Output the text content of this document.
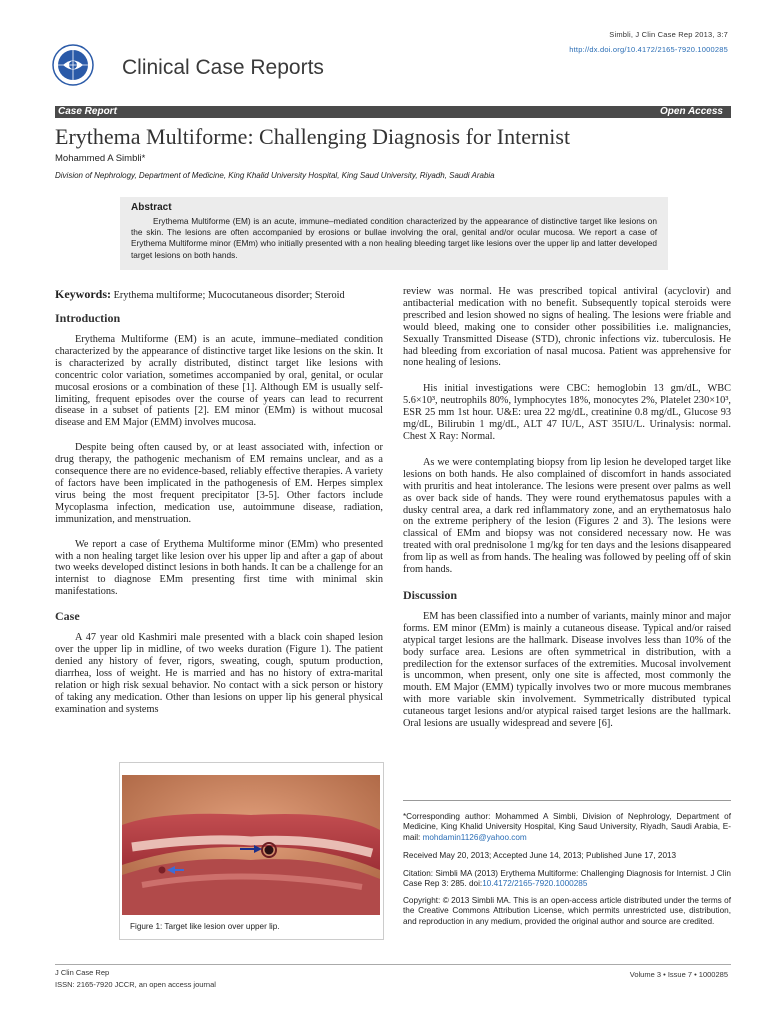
Clinical Case Reports
Simbli, J Clin Case Rep 2013, 3:7
http://dx.doi.org/10.4172/2165-7920.1000285
Case Report	Open Access
Erythema Multiforme: Challenging Diagnosis for Internist
Mohammed A Simbli*
Division of Nephrology, Department of Medicine, King Khalid University Hospital, King Saud University, Riyadh, Saudi Arabia
Abstract

Erythema Multiforme (EM) is an acute, immune–mediated condition characterized by the appearance of distinctive target like lesions on the skin. The lesions are often accompanied by erosions or bullae involving the oral, genital and/or ocular mucosa. We report a case of Erythema Multiforme minor (EMm) who initially presented with a non healing bleeding target like lesions over the upper lip and latter developed target lesions on both hands.

Keywords: Erythema multiforme; Mucocutaneous disorder; Steroid
Introduction

Erythema Multiforme (EM) is an acute, immune–mediated condition characterized by the appearance of distinctive target like lesions on the skin. It is characterized by acrally distributed, distinct target like lesions with concentric color variation, sometimes accompanied by oral, genital, or ocular mucosal erosions or a combination of these [1]. Although EM is usually self-limiting, frequent episodes over the course of years can lead to recurrent disease in a subset of patients [2]. EM minor (EMm) is without mucosal disease and EM Major (EMM) involves mucosa.

Despite being often caused by, or at least associated with, infection or drug therapy, the pathogenic mechanism of EM remains unclear, and as a consequence there are no evidence-based, reliably effective therapies. A variety of factors have been implicated in the pathogenesis of EM. Herpes simplex virus being the most frequent precipitator [3-5]. Other factors include Mycoplasma infection, medication use, autoimmune disease, radiation, immunization, and menstruation.

We report a case of Erythema Multiforme minor (EMm) who presented with a non healing target like lesion over his upper lip and after a gap of about two weeks developed distinct lesions in both hands. It can be a challenge for an internist to diagnose EMm presenting first time with minimal skin manifestations.

Case

A 47 year old Kashmiri male presented with a black coin shaped lesion over the upper lip in midline, of two weeks duration (Figure 1). The patient denied any history of fever, rigors, sweating, cough, sputum production, diarrhea, loss of weight. He is married and has no history of extra-marital relation or high risk sexual behavior. No contact with a sick person or history of taking any medication. Other than lesions on upper lip his general physical examination and systems

Figure 1: Target like lesion over upper lip.

review was normal. He was prescribed topical antiviral (acyclovir) and antibacterial medication with no benefit. Subsequently topical steroids were prescribed and lesion showed no signs of healing. The lesions were friable and would bleed, making one to consider other possibilities i.e. malignancies, Sexually Transmitted Disease (STD), chronic infections viz. tuberculosis. He had bleeding from excoriation of nasal mucosa. Patient was apprehensive for none healing of lesions.

His initial investigations were CBC: hemoglobin 13 gm/dL, WBC 5.6×10³, neutrophils 80%, lymphocytes 18%, monocytes 2%, Platelet 230×10³, ESR 25 mm 1st hour. U&E: urea 22 mg/dL, creatinine 0.8 mg/dL, Glucose 93 mg/dL, Bilirubin 1 mg/dL, ALT 47 IU/L, AST 35IU/L. Urinalysis: normal. Chest X Ray: Normal.

As we were contemplating biopsy from lip lesion he developed target like lesions on both hands. He also complained of discomfort in hands associated with pruritis and heat intolerance. The lesions were present over palms as well as over back side of hands. They were round erythematosus papules with a dusky central area, a dark red inflammatory zone, and an erythematosus halo on the extreme periphery of the lesion (Figures 2 and 3). The lesions were classical of EMm and biopsy was not considered necessary now. He was treated with oral prednisolone 1 mg/kg for ten days and the lesions disappeared from lip as well as from hands. The healing was followed by peeling off of skin from hands.

Discussion

EM has been classified into a number of variants, mainly minor and major forms. EM minor (EMm) is mainly a cutaneous disease. Typical and/or raised atypical target lesions are the hallmark. Disease involves less than 10% of the body surface area. Lesions are often symmetrical in distribution, with a predilection for the extensor surfaces of the extremities. Mucosal involvement is uncommon, when present, only one site is affected, most commonly the mouth. EM Major (EMM) typically involves two or more mucous membranes with more variable skin involvement. Symmetrically distributed typical cutaneous target lesions and/or atypical raised target lesions are the hallmark. Oral lesions are usually widespread and severe [6].

*Corresponding author: Mohammed A Simbli, Division of Nephrology, Department of Medicine, King Khalid University Hospital, King Saud University, Riyadh, Saudi Arabia, E-mail: mohdamin1126@yahoo.com
Received May 20, 2013; Accepted June 14, 2013; Published June 17, 2013
Citation: Simbli MA (2013) Erythema Multiforme: Challenging Diagnosis for Internist. J Clin Case Rep 3: 285. doi:10.4172/2165-7920.1000285
Copyright: © 2013 Simbli MA. This is an open-access article distributed under the terms of the Creative Commons Attribution License, which permits unrestricted use, distribution, and reproduction in any medium, provided the original author and source are credited.
J Clin Case Rep
ISSN: 2165-7920 JCCR, an open access journal
Volume 3 • Issue 7 • 1000285
